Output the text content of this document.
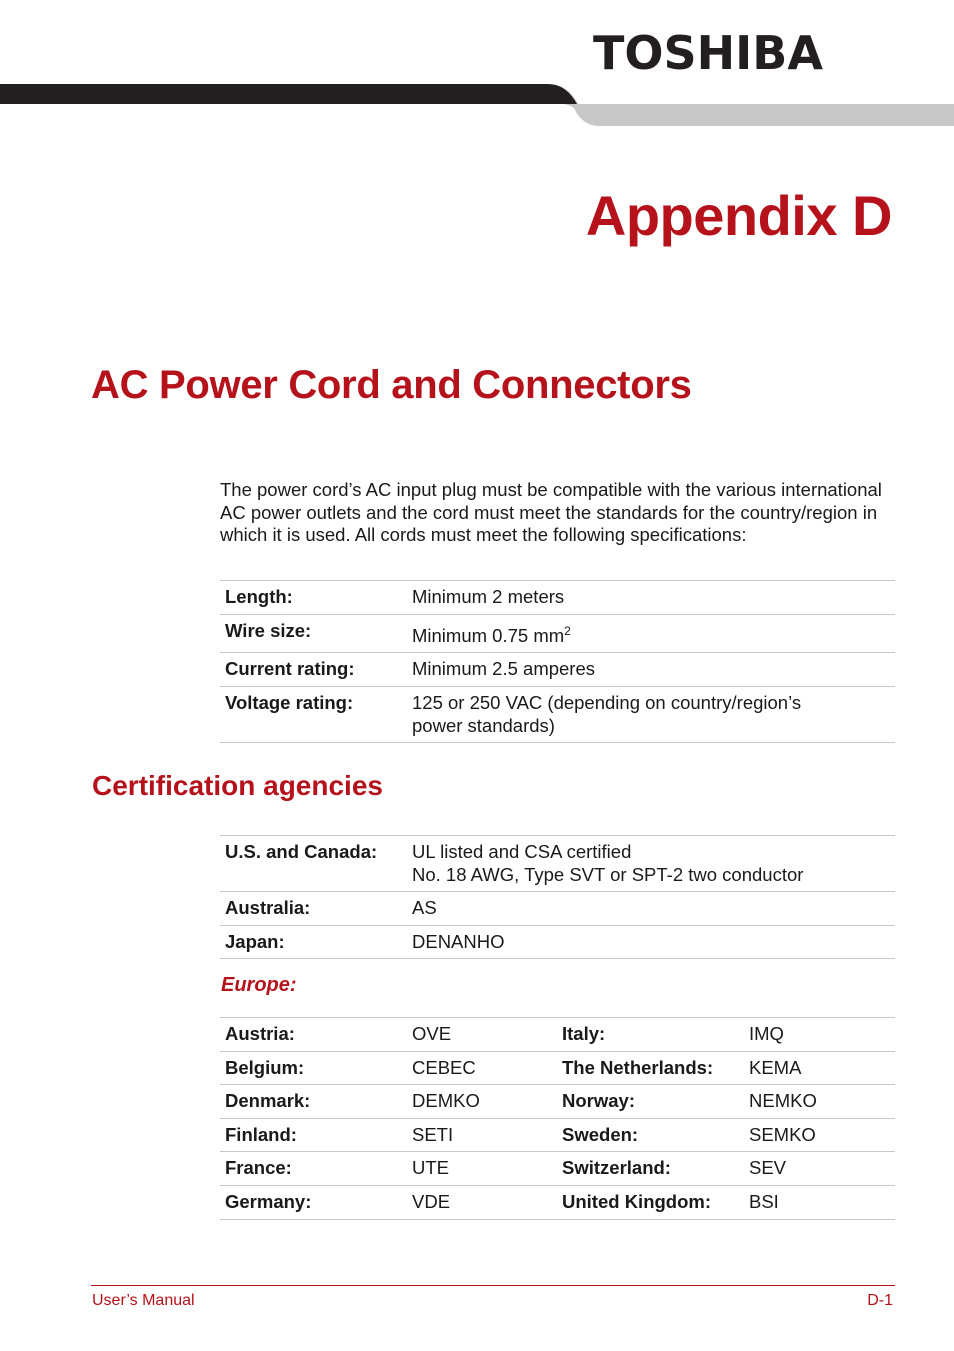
TOSHIBA
Appendix D
AC Power Cord and Connectors

The power cord’s AC input plug must be compatible with the various international AC power outlets and the cord must meet the standards for the country/region in which it is used. All cords must meet the following specifications:

Length:	Minimum 2 meters
Wire size:	Minimum 0.75 $mm^2$
Current rating:	Minimum 2.5 amperes
Voltage rating:	125 or 250 VAC (depending on country/region’s
power standards)
Certification agencies
U.S. and Canada:	UL listed and CSA certified
No. 18 AWG, Type SVT or SPT-2 two conductor
Australia:	AS
Japan:	DENANHO

Europe:

Austria:	OVE	Italy:	IMQ
Belgium:	CEBEC	The Netherlands:	KEMA
Denmark:	DEMKO	Norway:	NEMKO
Finland:	SETI	Sweden:	SEMKO
France:	UTE	Switzerland:	SEV
Germany:	VDE	United Kingdom:	BSI
User’s Manual	D-1
